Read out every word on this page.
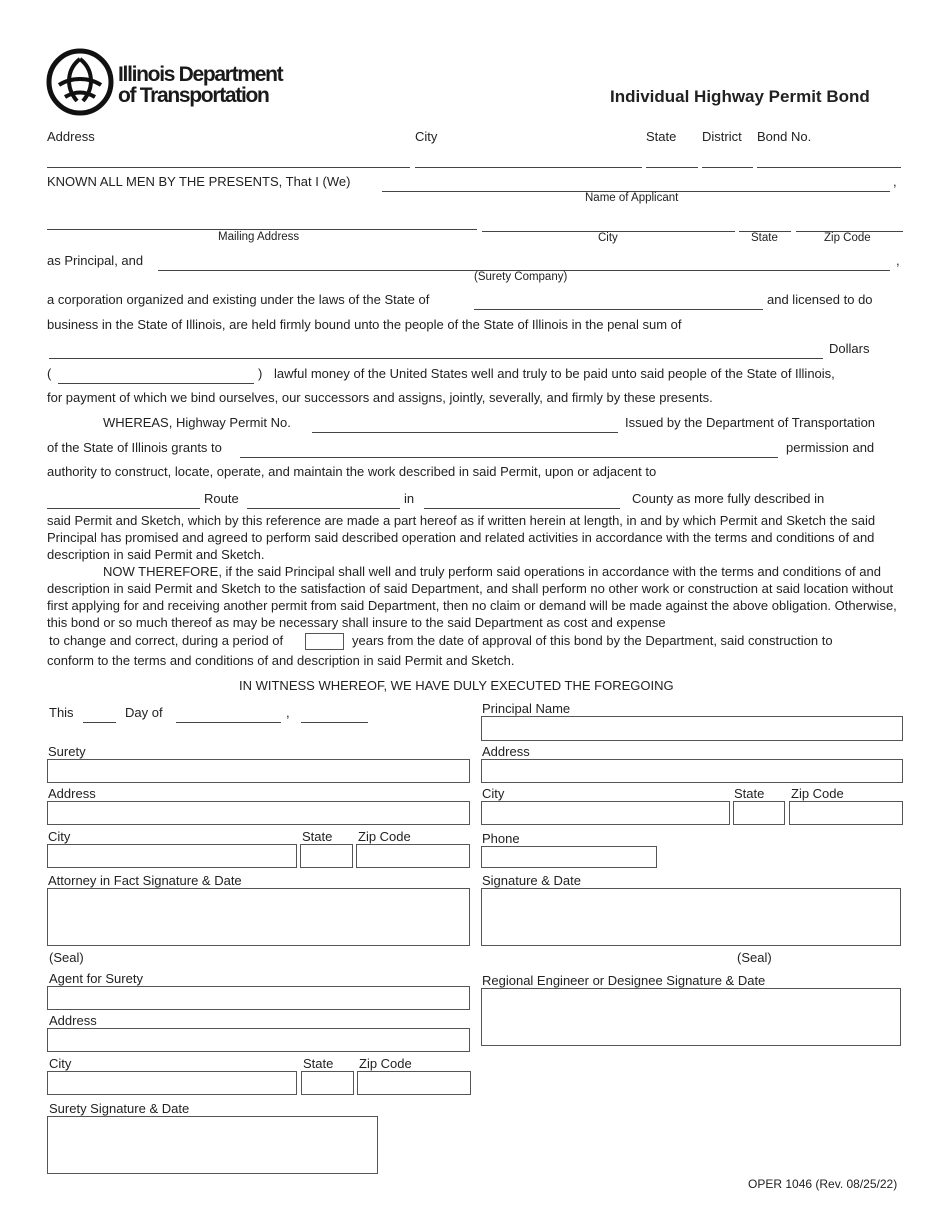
Illinois Department
of Transportation	Individual Highway Permit Bond
Address	City	State District Bond No.
KNOWN ALL MEN BY THE PRESENTS, That I (We)	,
Name of Applicant
Mailing Address	City	State	Zip Code
as Principal, and	,
(Surety Company)
a corporation organized and existing under the laws of the State of	and licensed to do
business in the State of Illinois, are held firmly bound unto the people of the State of Illinois in the penal sum of
Dollars
(	) lawful money of the United States well and truly to be paid unto said people of the State of Illinois,
for payment of which we bind ourselves, our successors and assigns, jointly, severally, and firmly by these presents.
WHEREAS, Highway Permit No.	Issued by the Department of Transportation
of the State of Illinois grants to	permission and
authority to construct, locate, operate, and maintain the work described in said Permit, upon or adjacent to
Route	in	County as more fully described in
said Permit and Sketch, which by this reference are made a part hereof as if written herein at length, in and by which Permit and Sketch the said Principal has promised and agreed to perform said described operation and related activities in accordance with the terms and conditions of and description in said Permit and Sketch.
NOW THEREFORE, if the said Principal shall well and truly perform said operations in accordance with the terms and conditions of and description in said Permit and Sketch to the satisfaction of said Department, and shall perform no other work or construction at said location without first applying for and receiving another permit from said Department, then no claim or demand will be made against the above obligation. Otherwise, this bond or so much thereof as may be necessary shall insure to the said Department as cost and expense
to change and correct, during a period of	years from the date of approval of this bond by the Department, said construction to
conform to the terms and conditions of and description in said Permit and Sketch.
IN WITNESS WHEREOF, WE HAVE DULY EXECUTED THE FOREGOING
This	Day of	,
Surety
Address
City	State Zip Code
Attorney in Fact Signature & Date
(Seal)
Agent for Surety
Address
City	State Zip Code
Surety Signature & Date
Principal Name
Address
City	State Zip Code
Phone
Signature & Date
(Seal)
Regional Engineer or Designee Signature & Date
OPER 1046 (Rev. 08/25/22)
